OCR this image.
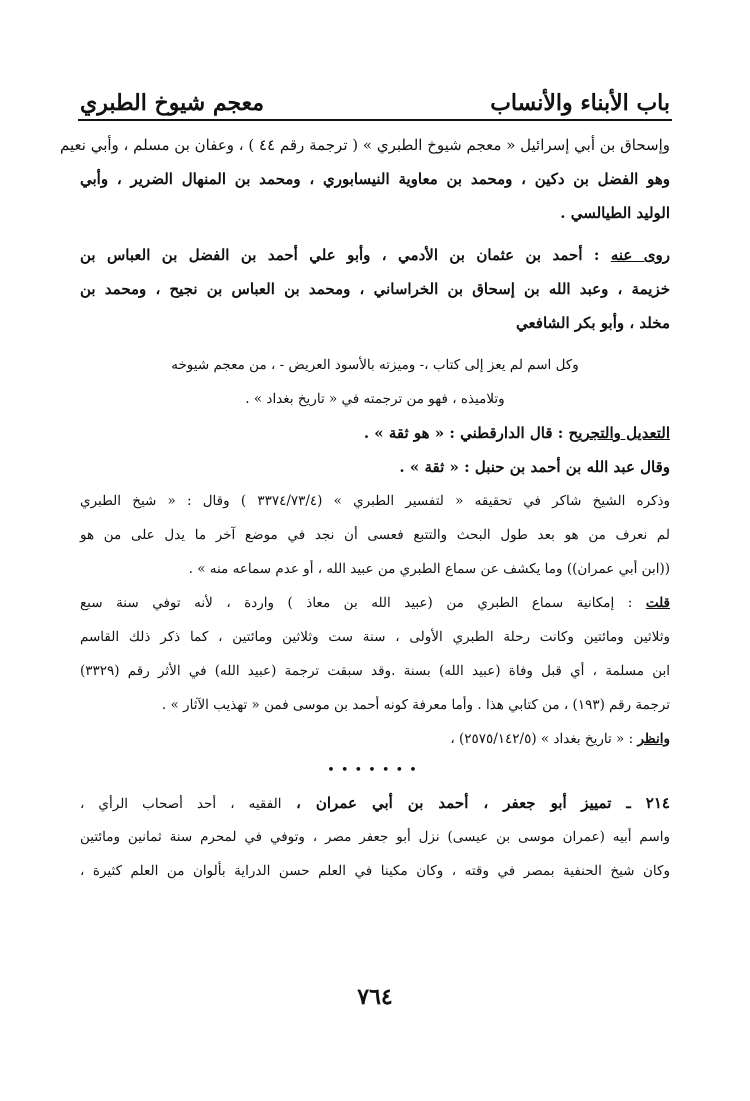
باب الأبناء والأنساب
معجم شيوخ الطبري
وإسحاق بن أبي إسرائيل « معجم شيوخ الطبري » ( ترجمة رقم ٤٤ ) ، وعفان بن مسلم ، وأبي نعيم
وهو الفضل بن دكين ، ومحمد بن معاوية النيسابوري ، ومحمد بن المنهال الضرير ، وأبي
الوليد الطيالسي .
روى عنه : أحمد بن عثمان بن الأدمي ، وأبو علي أحمد بن الفضل بن العباس بن
خزيمة ، وعبد الله بن إسحاق بن الخراساني ، ومحمد بن العباس بن نجيح ، ومحمد بن
مخلد ، وأبو بكر الشافعي
وكل اسم لم يعز إلى كتاب ،- وميزته بالأسود العريض - ، من معجم شيوخه
وتلاميذه ، فهو من ترجمته في « تاريخ بغداد » .
التعديل والتجريح : قال الدارقطني : « هو ثقة » .
وقال عبد الله بن أحمد بن حنبل : « ثقة » .
وذكره الشيخ شاكر في تحقيقه « لتفسير الطبري » (٣٣٧٤/٧٣/٤ ) وقال : « شيخ الطبري
لم نعرف من هو بعد طول البحث والتتبع فعسى أن نجد في موضع آخر ما يدل على من هو
((ابن أبي عمران)) وما يكشف عن سماع الطبري من عبيد الله ، أو عدم سماعه منه » .
قلت : إمكانية سماع الطبري من (عبيد الله بن معاذ ) واردة ، لأنه توفي سنة سبع
وثلاثين ومائتين وكانت رحلة الطبري الأولى ، سنة ست وثلاثين ومائتين ، كما ذكر ذلك القاسم
ابن مسلمة ، أي قبل وفاة (عبيد الله) بسنة .وقد سبقت ترجمة (عبيد الله) في الأثر رقم (٣٣٢٩)
ترجمة رقم (١٩٣) ، من كتابي هذا . وأما معرفة كونه أحمد بن موسى فمن « تهذيب الآثار » .
وانظر : « تاريخ بغداد » (٢٥٧٥/١٤٢/٥) ،
•••••••
٢١٤ ـ تمييز أبو جعفر ، أحمد بن أبي عمران ، الفقيه ، أحد أصحاب الرأي ،
واسم أبيه (عمران موسى بن عيسى) نزل أبو جعفر مصر ، وتوفي في لمحرم سنة ثمانين ومائتين
وكان شيخ الحنفية بمصر في وقته ، وكان مكينا في العلم حسن الدراية بألوان من العلم كثيرة ،
٧٦٤
